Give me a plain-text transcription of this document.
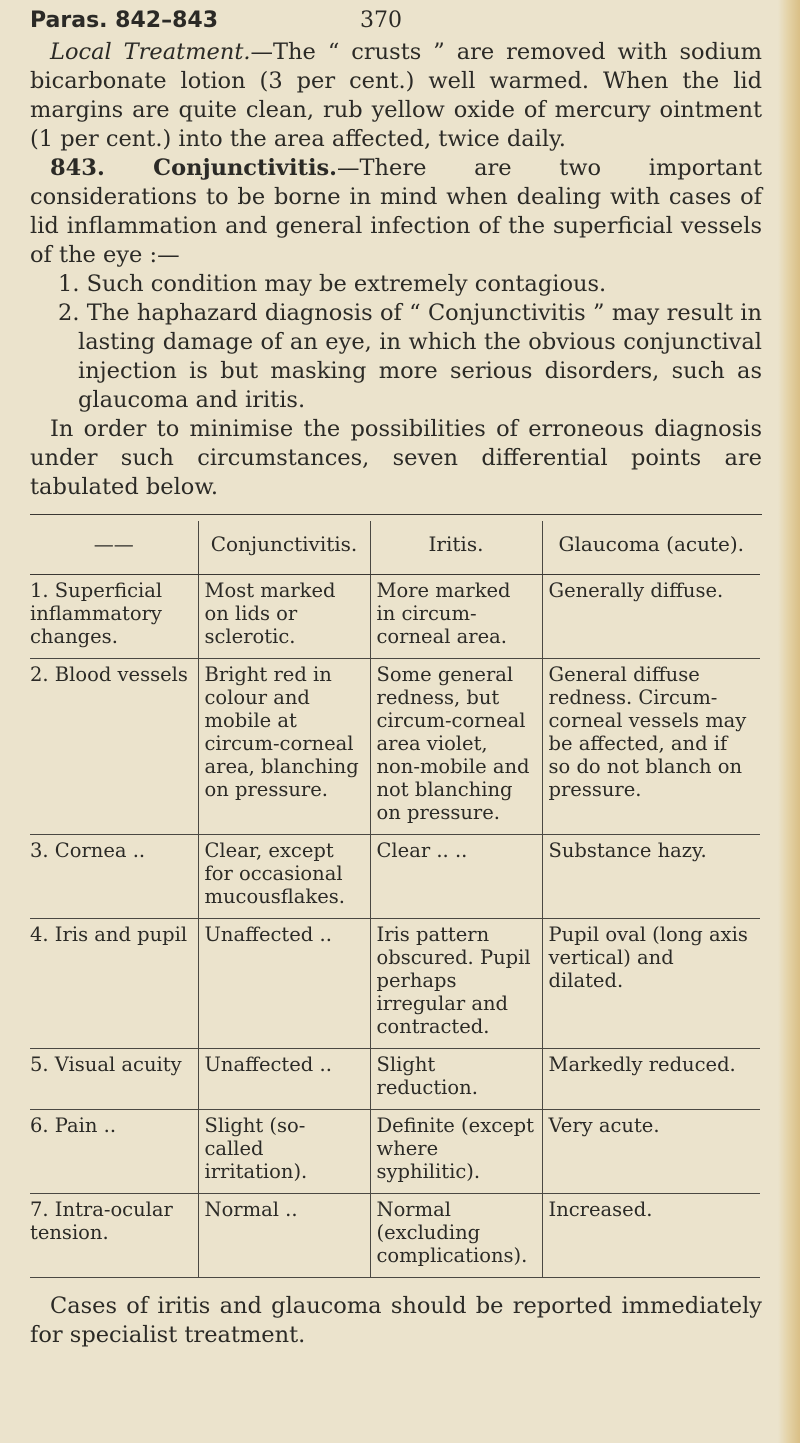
Paras. 842–843	370

Local Treatment.—The “ crusts ” are removed with sodium bicarbonate lotion (3 per cent.) well warmed. When the lid margins are quite clean, rub yellow oxide of mercury ointment (1 per cent.) into the area affected, twice daily.

843. Conjunctivitis.—There are two important considerations to be borne in mind when dealing with cases of lid inflammation and general infection of the superficial vessels of the eye :—

1. Such condition may be extremely contagious.

2. The haphazard diagnosis of “ Conjunctivitis ” may result in lasting damage of an eye, in which the obvious conjunctival injection is but masking more serious disorders, such as glaucoma and iritis.

In order to minimise the possibilities of erroneous diagnosis under such circumstances, seven differential points are tabulated below.

——	Conjunctivitis.	Iritis.	Glaucoma (acute).
1. Superficial inflammatory changes.	Most marked on lids or sclerotic.	More marked in circum-corneal area.	Generally diffuse.
2. Blood vessels	Bright red in colour and mobile at circum-corneal area, blanching on pressure.	Some general redness, but circum-corneal area violet, non-mobile and not blanching on pressure.	General diffuse redness. Circum-corneal vessels may be affected, and if so do not blanch on pressure.
3. Cornea ..	Clear, except for occasional mucousflakes.	Clear .. ..	Substance hazy.
4. Iris and pupil	Unaffected ..	Iris pattern obscured. Pupil perhaps irregular and contracted.	Pupil oval (long axis vertical) and dilated.
5. Visual acuity	Unaffected ..	Slight reduction.	Markedly reduced.
6. Pain ..	Slight (so-called irritation).	Definite (except where syphilitic).	Very acute.
7. Intra-ocular tension.	Normal ..	Normal (excluding complications).	Increased.

Cases of iritis and glaucoma should be reported immediately for specialist treatment.
